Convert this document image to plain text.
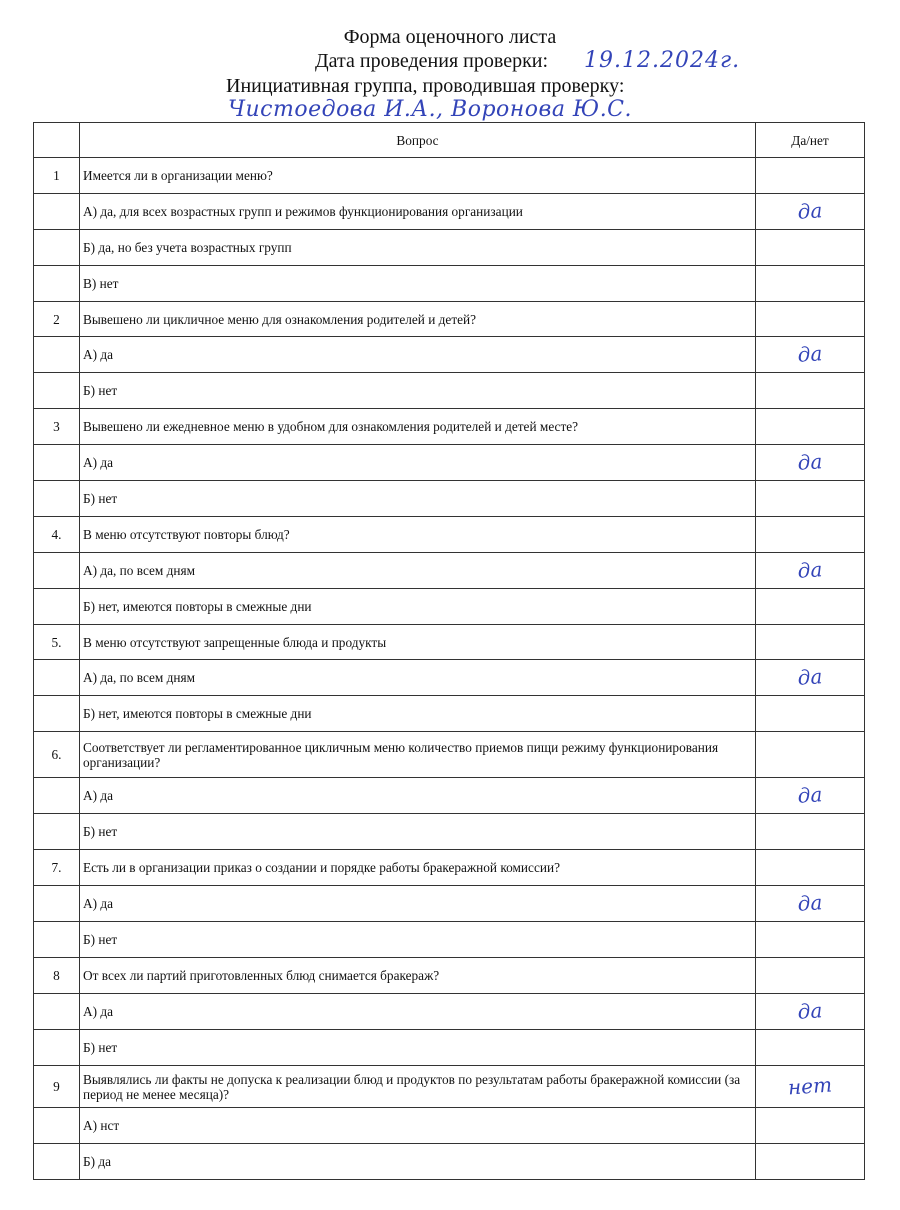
Форма оценочного листа
Дата проведения проверки: 19.12.2024г.
Инициативная группа, проводившая проверку:
Чистоедова И.А., Воронова Ю.С.
	Вопрос	Да/нет
1	Имеется ли в организации меню?	

	А) да, для всех возрастных групп и режимов функционирования организации	да

	Б) да, но без учета возрастных групп	

	В) нет	

2	Вывешено ли цикличное меню для ознакомления родителей и детей?	

	А) да	да

	Б) нет	

3	Вывешено ли ежедневное меню в удобном для ознакомления родителей и детей месте?	

	А) да	да

	Б) нет	

4.	В меню отсутствуют повторы блюд?	

	А) да, по всем дням	да

	Б) нет, имеются повторы в смежные дни	

5.	В меню отсутствуют запрещенные блюда и продукты	

	А) да, по всем дням	да

	Б) нет, имеются повторы в смежные дни	

6.	Соответствует ли регламентированное цикличным меню количество приемов пищи режиму функционирования организации?	

	А) да	да

	Б) нет	

7.	Есть ли в организации приказ о создании и порядке работы бракеражной комиссии?	

	А) да	да

	Б) нет	

8	От всех ли партий приготовленных блюд снимается бракераж?	

	А) да	да

	Б) нет	

9	Выявлялись ли факты не допуска к реализации блюд и продуктов по результатам работы бракеражной комиссии (за период не менее месяца)?	нет

	А) нст	

	Б) да	
